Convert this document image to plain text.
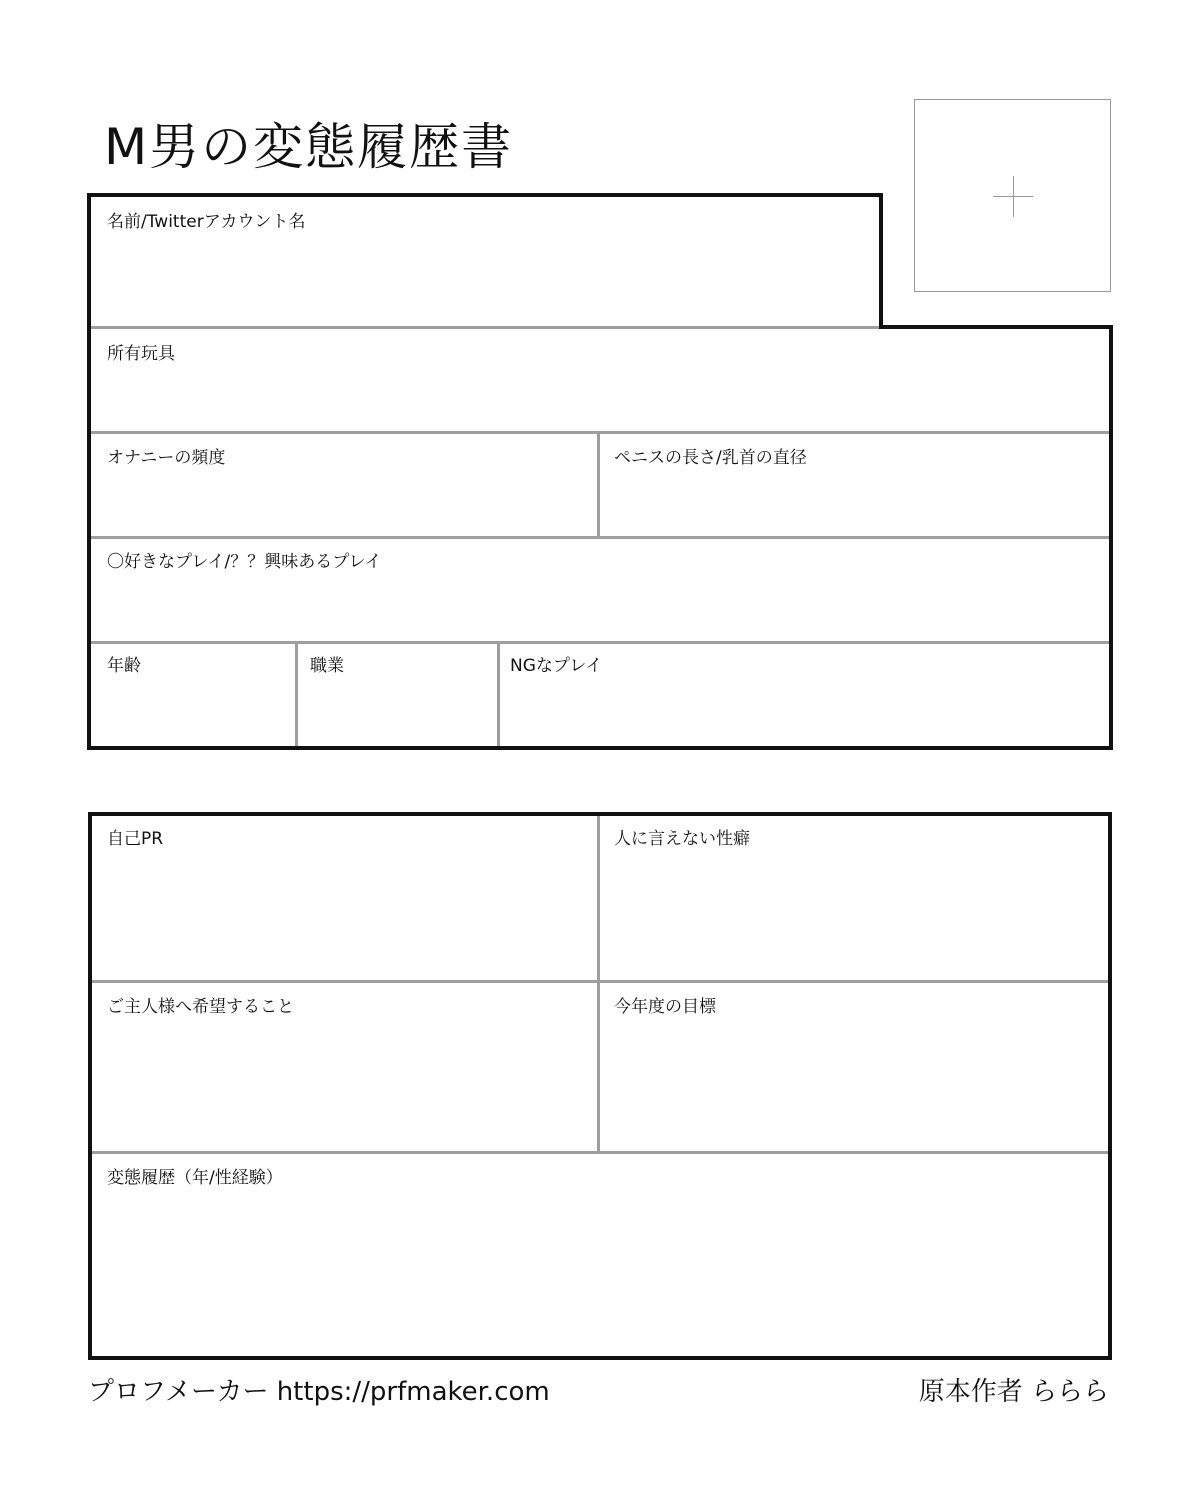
M男の変態履歴書
名前/Twitterアカウント名
所有玩具
オナニーの頻度	ペニスの長さ/乳首の直径
〇好きなプレイ/？？興味あるプレイ
年齢	職業	NGなプレイ
自己PR	人に言えない性癖
ご主人様へ希望すること	今年度の目標
変態履歴（年/性経験）
プロフメーカー https://prfmaker.com	原本作者 ららら
